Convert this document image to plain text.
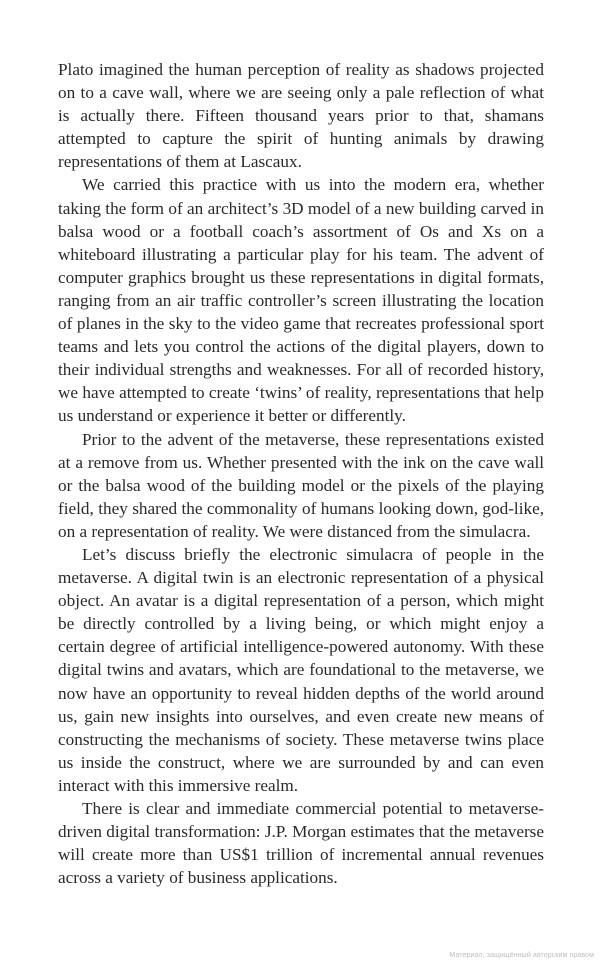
Plato imagined the human perception of reality as shadows projected on to a cave wall, where we are seeing only a pale reflection of what is actually there. Fifteen thousand years prior to that, shamans attempted to capture the spirit of hunting animals by drawing representations of them at Lascaux.

We carried this practice with us into the modern era, whether taking the form of an architect’s 3D model of a new building carved in balsa wood or a football coach’s assortment of Os and Xs on a whiteboard illustrating a particular play for his team. The advent of computer graphics brought us these representations in digital formats, ranging from an air traffic controller’s screen illustrating the location of planes in the sky to the video game that recreates professional sport teams and lets you control the actions of the digital players, down to their individual strengths and weaknesses. For all of recorded history, we have attempted to create ‘twins’ of reality, representations that help us understand or experience it better or differently.

Prior to the advent of the metaverse, these representations existed at a remove from us. Whether presented with the ink on the cave wall or the balsa wood of the building model or the pixels of the playing field, they shared the commonality of humans looking down, god-like, on a representation of reality. We were distanced from the simulacra.

Let’s discuss briefly the electronic simulacra of people in the metaverse. A digital twin is an electronic representation of a physical object. An avatar is a digital representation of a person, which might be directly controlled by a living being, or which might enjoy a certain degree of artificial intelligence-powered autonomy. With these digital twins and avatars, which are foundational to the metaverse, we now have an opportunity to reveal hidden depths of the world around us, gain new insights into ourselves, and even create new means of constructing the mechanisms of society. These metaverse twins place us inside the construct, where we are surrounded by and can even interact with this immersive realm.

There is clear and immediate commercial potential to metaverse-driven digital transformation: J.P. Morgan estimates that the metaverse will create more than US$1 trillion of incremental annual revenues across a variety of business applications.

Материал, защищённый авторским правом
